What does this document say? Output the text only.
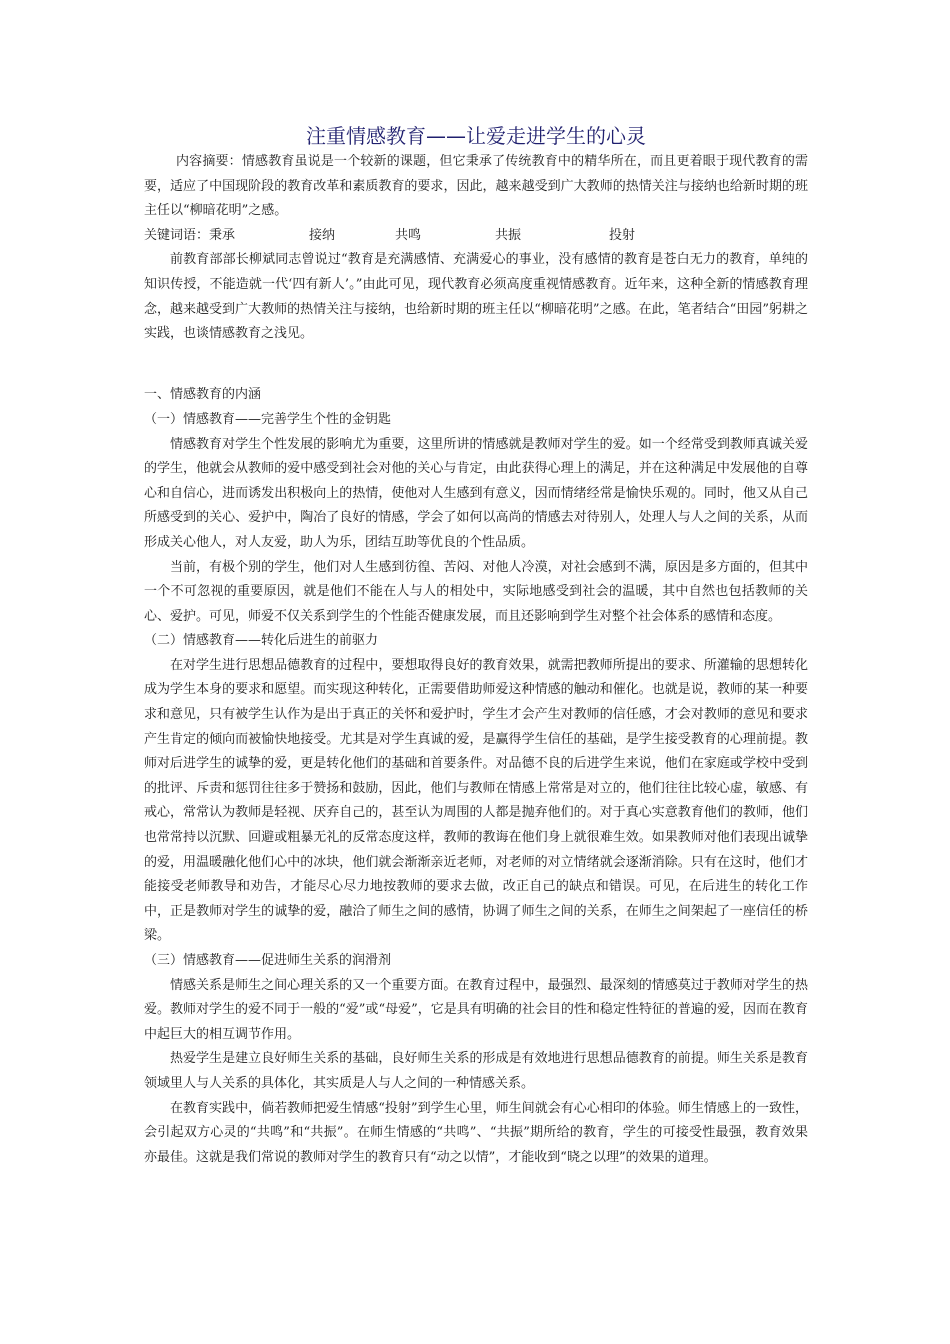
注重情感教育——让爱走进学生的心灵

内容摘要：情感教育虽说是一个较新的课题，但它秉承了传统教育中的精华所在，而且更着眼于现代教育的需要，适应了中国现阶段的教育改革和素质教育的要求，因此，越来越受到广大教师的热情关注与接纳也给新时期的班主任以“柳暗花明”之感。

关键词语：秉承	接纳	共鸣	共振	投射

前教育部部长柳斌同志曾说过“教育是充满感情、充满爱心的事业，没有感情的教育是苍白无力的教育，单纯的知识传授，不能造就一代‘四有新人’。”由此可见，现代教育必须高度重视情感教育。近年来，这种全新的情感教育理念，越来越受到广大教师的热情关注与接纳，也给新时期的班主任以“柳暗花明”之感。在此，笔者结合“田园”躬耕之实践，也谈情感教育之浅见。

一、情感教育的内涵

（一）情感教育——完善学生个性的金钥匙

情感教育对学生个性发展的影响尤为重要，这里所讲的情感就是教师对学生的爱。如一个经常受到教师真诚关爱的学生，他就会从教师的爱中感受到社会对他的关心与肯定，由此获得心理上的满足，并在这种满足中发展他的自尊心和自信心，进而诱发出积极向上的热情，使他对人生感到有意义，因而情绪经常是愉快乐观的。同时，他又从自己所感受到的关心、爱护中，陶冶了良好的情感，学会了如何以高尚的情感去对待别人，处理人与人之间的关系，从而形成关心他人，对人友爱，助人为乐，团结互助等优良的个性品质。

当前，有极个别的学生，他们对人生感到彷徨、苦闷、对他人冷漠，对社会感到不满，原因是多方面的，但其中一个不可忽视的重要原因，就是他们不能在人与人的相处中，实际地感受到社会的温暖，其中自然也包括教师的关心、爱护。可见，师爱不仅关系到学生的个性能否健康发展，而且还影响到学生对整个社会体系的感情和态度。

（二）情感教育——转化后进生的前驱力

在对学生进行思想品德教育的过程中，要想取得良好的教育效果，就需把教师所提出的要求、所灌输的思想转化成为学生本身的要求和愿望。而实现这种转化，正需要借助师爱这种情感的触动和催化。也就是说，教师的某一种要求和意见，只有被学生认作为是出于真正的关怀和爱护时，学生才会产生对教师的信任感，才会对教师的意见和要求产生肯定的倾向而被愉快地接受。尤其是对学生真诚的爱，是赢得学生信任的基础，是学生接受教育的心理前提。教师对后进学生的诚挚的爱，更是转化他们的基础和首要条件。对品德不良的后进学生来说，他们在家庭或学校中受到的批评、斥责和惩罚往往多于赞扬和鼓励，因此，他们与教师在情感上常常是对立的，他们往往比较心虚，敏感、有戒心，常常认为教师是轻视、厌弃自己的，甚至认为周围的人都是抛弃他们的。对于真心实意教育他们的教师，他们也常常持以沉默、回避或粗暴无礼的反常态度这样，教师的教诲在他们身上就很难生效。如果教师对他们表现出诚挚的爱，用温暖融化他们心中的冰块，他们就会渐渐亲近老师，对老师的对立情绪就会逐渐消除。只有在这时，他们才能接受老师教导和劝告，才能尽心尽力地按教师的要求去做，改正自己的缺点和错误。可见，在后进生的转化工作中，正是教师对学生的诚挚的爱，融洽了师生之间的感情，协调了师生之间的关系，在师生之间架起了一座信任的桥梁。

（三）情感教育——促进师生关系的润滑剂

情感关系是师生之间心理关系的又一个重要方面。在教育过程中，最强烈、最深刻的情感莫过于教师对学生的热爱。教师对学生的爱不同于一般的“爱”或“母爱”，它是具有明确的社会目的性和稳定性特征的普遍的爱，因而在教育中起巨大的相互调节作用。

热爱学生是建立良好师生关系的基础，良好师生关系的形成是有效地进行思想品德教育的前提。师生关系是教育领域里人与人关系的具体化，其实质是人与人之间的一种情感关系。

在教育实践中，倘若教师把爱生情感“投射”到学生心里，师生间就会有心心相印的体验。师生情感上的一致性，会引起双方心灵的“共鸣”和“共振”。在师生情感的“共鸣”、“共振”期所给的教育，学生的可接受性最强，教育效果亦最佳。这就是我们常说的教师对学生的教育只有“动之以情”，才能收到“晓之以理”的效果的道理。
